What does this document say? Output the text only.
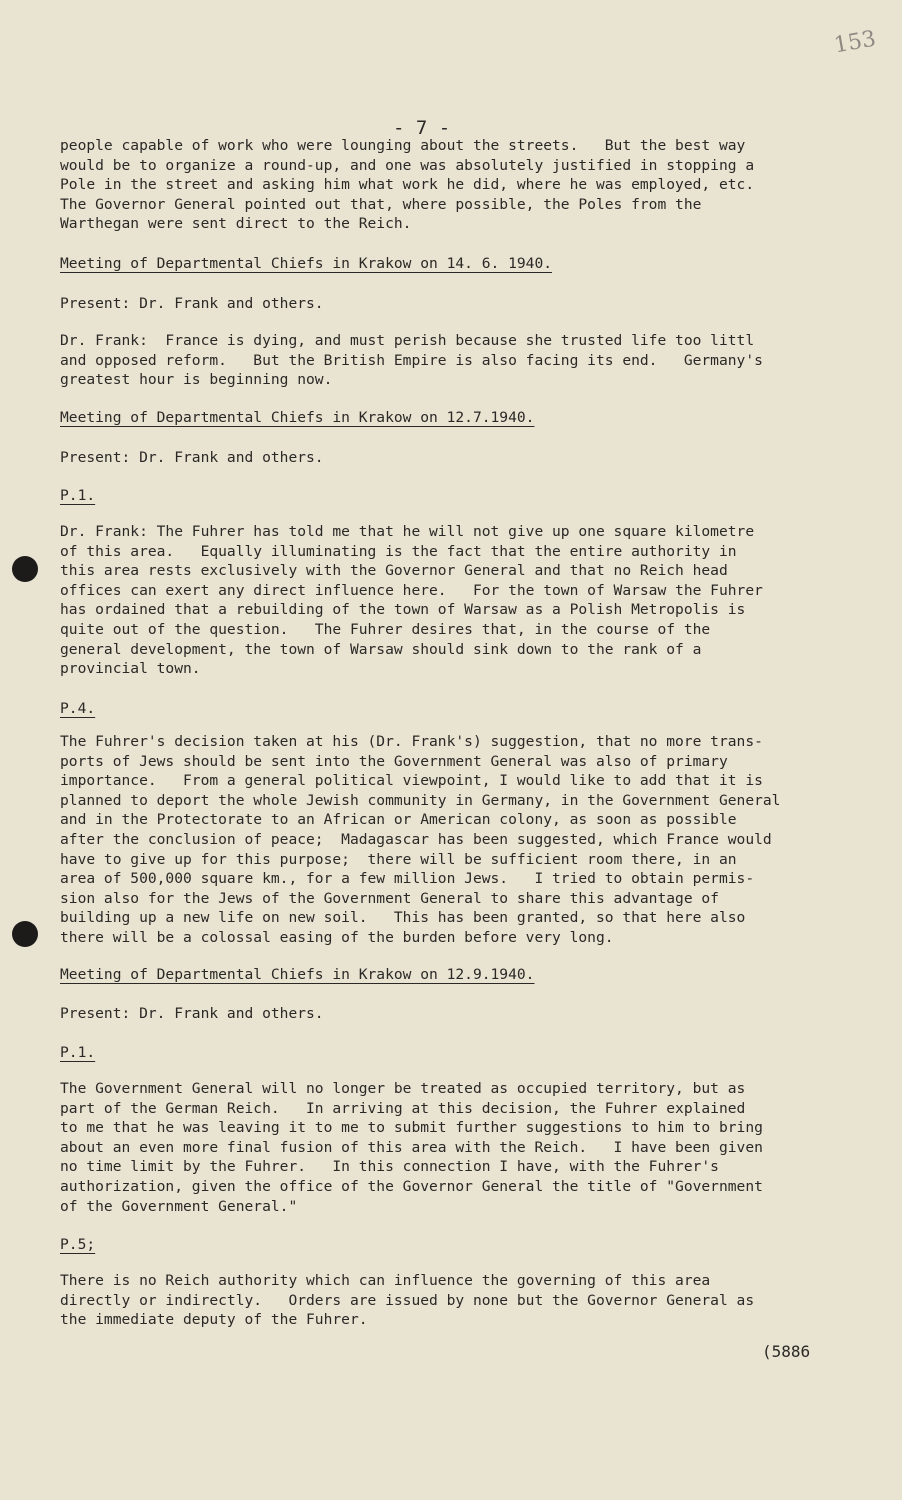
153
- 7 -
people capable of work who were lounging about the streets.   But the best way
would be to organize a round-up, and one was absolutely justified in stopping a
Pole in the street and asking him what work he did, where he was employed, etc.
The Governor General pointed out that, where possible, the Poles from the
Warthegan were sent direct to the Reich.
Meeting of Departmental Chiefs in Krakow on 14. 6. 1940.
Present: Dr. Frank and others.
Dr. Frank:  France is dying, and must perish because she trusted life too littl
and opposed reform.   But the British Empire is also facing its end.   Germany's
greatest hour is beginning now.
Meeting of Departmental Chiefs in Krakow on 12.7.1940.
Present: Dr. Frank and others.
P.1.
Dr. Frank: The Fuhrer has told me that he will not give up one square kilometre
of this area.   Equally illuminating is the fact that the entire authority in
this area rests exclusively with the Governor General and that no Reich head
offices can exert any direct influence here.   For the town of Warsaw the Fuhrer
has ordained that a rebuilding of the town of Warsaw as a Polish Metropolis is
quite out of the question.   The Fuhrer desires that, in the course of the
general development, the town of Warsaw should sink down to the rank of a
provincial town.
P.4.
The Fuhrer's decision taken at his (Dr. Frank's) suggestion, that no more trans-
ports of Jews should be sent into the Government General was also of primary
importance.   From a general political viewpoint, I would like to add that it is
planned to deport the whole Jewish community in Germany, in the Government General
and in the Protectorate to an African or American colony, as soon as possible
after the conclusion of peace;  Madagascar has been suggested, which France would
have to give up for this purpose;  there will be sufficient room there, in an
area of 500,000 square km., for a few million Jews.   I tried to obtain permis-
sion also for the Jews of the Government General to share this advantage of
building up a new life on new soil.   This has been granted, so that here also
there will be a colossal easing of the burden before very long.
Meeting of Departmental Chiefs in Krakow on 12.9.1940.
Present: Dr. Frank and others.
P.1.
The Government General will no longer be treated as occupied territory, but as
part of the German Reich.   In arriving at this decision, the Fuhrer explained
to me that he was leaving it to me to submit further suggestions to him to bring
about an even more final fusion of this area with the Reich.   I have been given
no time limit by the Fuhrer.   In this connection I have, with the Fuhrer's
authorization, given the office of the Governor General the title of "Government
of the Government General."
P.5;
There is no Reich authority which can influence the governing of this area
directly or indirectly.   Orders are issued by none but the Governor General as
the immediate deputy of the Fuhrer.
(5886
